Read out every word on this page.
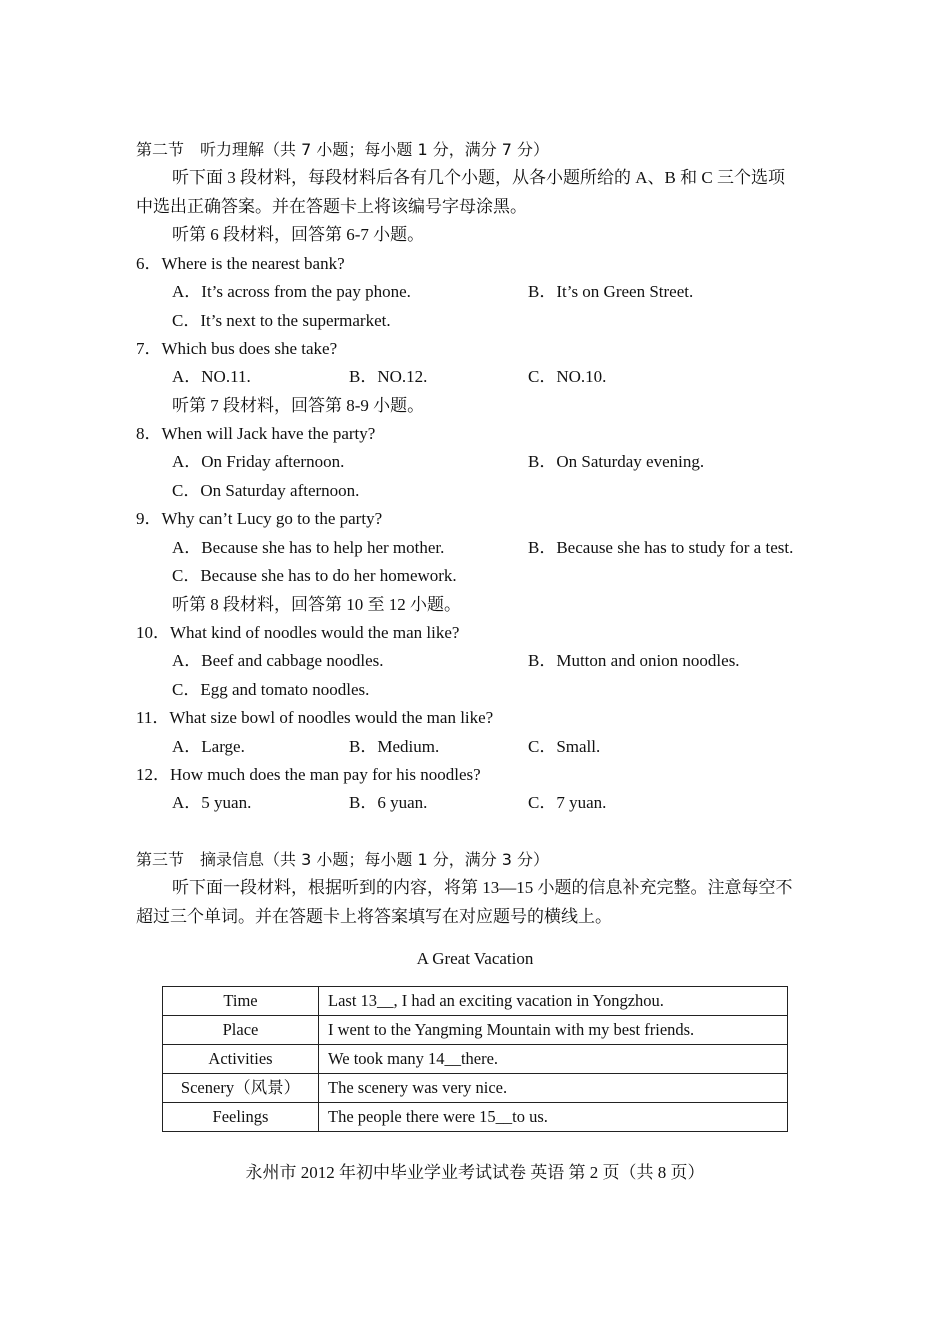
第二节　听力理解（共 7 小题；每小题 1 分，满分 7 分）
听下面 3 段材料，每段材料后各有几个小题，从各小题所给的 A、B 和 C 三个选项
中选出正确答案。并在答题卡上将该编号字母涂黑。
听第 6 段材料，回答第 6-7 小题。
6．Where is the nearest bank?
A．It’s across from the pay phone.	B．It’s on Green Street.
C．It’s next to the supermarket.
7．Which bus does she take?
A．NO.11.	B．NO.12.	C．NO.10.
听第 7 段材料，回答第 8-9 小题。
8．When will Jack have the party?
A．On Friday afternoon.	B．On Saturday evening.
C．On Saturday afternoon.
9．Why can’t Lucy go to the party?
A．Because she has to help her mother.	B．Because she has to study for a test.
C．Because she has to do her homework.
听第 8 段材料，回答第 10 至 12 小题。
10．What kind of noodles would the man like?
A．Beef and cabbage noodles.	B．Mutton and onion noodles.
C．Egg and tomato noodles.
11．What size bowl of noodles would the man like?
A．Large.	B．Medium.	C．Small.
12．How much does the man pay for his noodles?
A．5 yuan.	B．6 yuan.	C．7 yuan.
第三节　摘录信息（共 3 小题；每小题 1 分，满分 3 分）
听下面一段材料，根据听到的内容，将第 13—15 小题的信息补充完整。注意每空不
超过三个单词。并在答题卡上将答案填写在对应题号的横线上。
A Great Vacation
Time	Last 13__, I had an exciting vacation in Yongzhou.
Place	I went to the Yangming Mountain with my best friends.
Activities	We took many 14__there.
Scenery（风景）	The scenery was very nice.
Feelings	The people there were 15__to us.
永州市 2012 年初中毕业学业考试试卷 英语 第 2 页（共 8 页）
